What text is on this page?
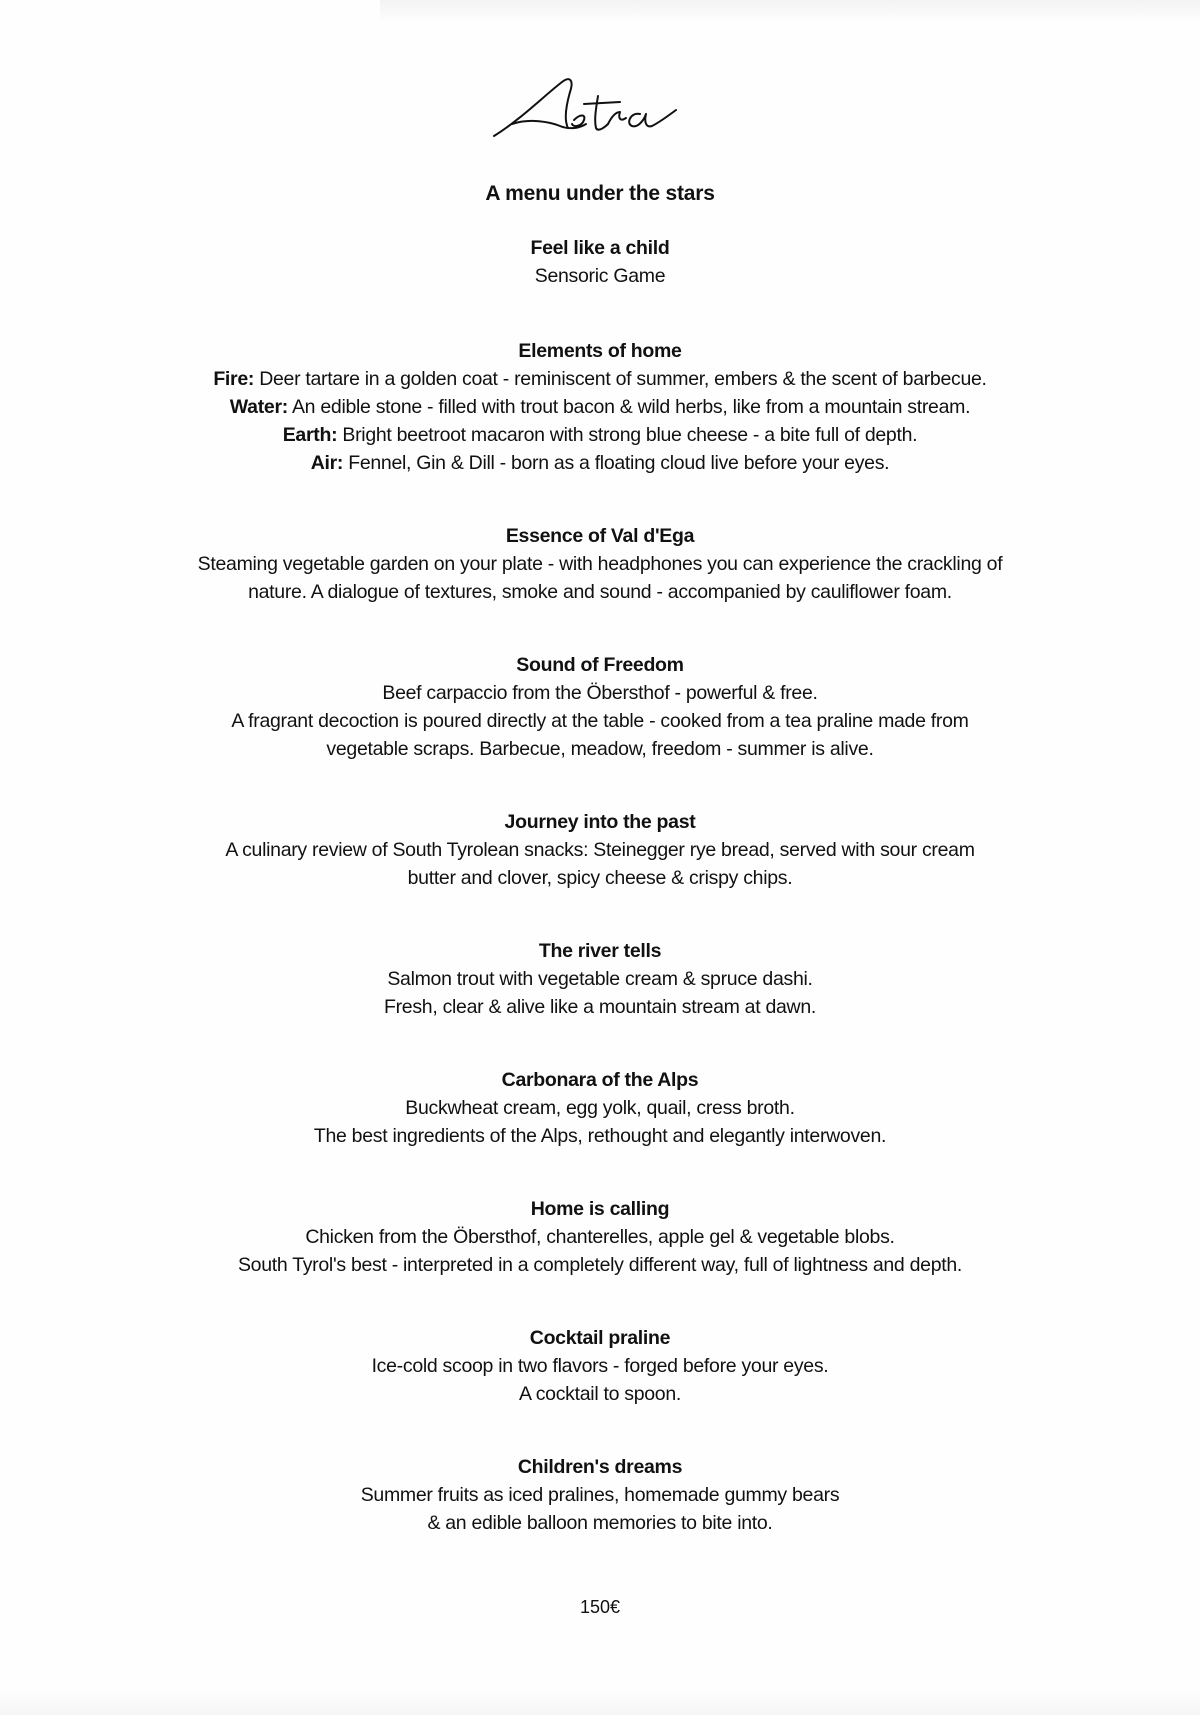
A menu under the stars
Feel like a child
Sensoric Game
Elements of home
Fire: Deer tartare in a golden coat - reminiscent of summer, embers & the scent of barbecue.
Water: An edible stone - filled with trout bacon & wild herbs, like from a mountain stream.
Earth: Bright beetroot macaron with strong blue cheese - a bite full of depth.
Air: Fennel, Gin & Dill - born as a floating cloud live before your eyes.
Essence of Val d'Ega
Steaming vegetable garden on your plate - with headphones you can experience the crackling of
nature. A dialogue of textures, smoke and sound - accompanied by cauliflower foam.
Sound of Freedom
Beef carpaccio from the Öbersthof - powerful & free.
A fragrant decoction is poured directly at the table - cooked from a tea praline made from
vegetable scraps. Barbecue, meadow, freedom - summer is alive.
Journey into the past
A culinary review of South Tyrolean snacks: Steinegger rye bread, served with sour cream
butter and clover, spicy cheese & crispy chips.
The river tells
Salmon trout with vegetable cream & spruce dashi.
Fresh, clear & alive like a mountain stream at dawn.
Carbonara of the Alps
Buckwheat cream, egg yolk, quail, cress broth.
The best ingredients of the Alps, rethought and elegantly interwoven.
Home is calling
Chicken from the Öbersthof, chanterelles, apple gel & vegetable blobs.
South Tyrol's best - interpreted in a completely different way, full of lightness and depth.
Cocktail praline
Ice-cold scoop in two flavors - forged before your eyes.
A cocktail to spoon.
Children's dreams
Summer fruits as iced pralines, homemade gummy bears
& an edible balloon memories to bite into.
150€
